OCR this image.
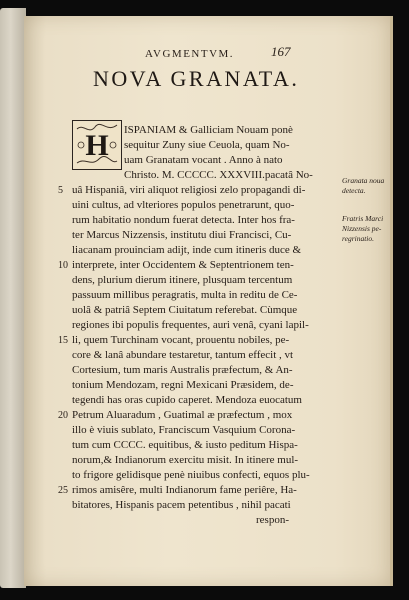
AVGMENTVM.	167
NOVA GRANATA.
H ISPANIAM & Galliciam Nouam ponè
sequitur Zuny siue Ceuola, quam No-
uam Granatam vocant . Anno à nato
Christo. M. CCCCC. XXXVIII.pacatâ No-
uâ Hispaniâ, viri aliquot religiosi zelo propagandi di-
uini cultus, ad vlteriores populos penetrarunt, quo-
rum habitatio nondum fuerat detecta. Inter hos fra-
ter Marcus Nizzensis, institutu diui Francisci, Cu-
liacanam prouinciam adijt, inde cum itineris duce &
interprete, inter Occidentem & Septentrionem ten-
dens, plurium dierum itinere, plusquam tercentum
passuum millibus peragratis, multa in reditu de Ce-
uolâ & patriâ Septem Ciuitatum referebat. Cùmque
regiones ibi populis frequentes, auri venâ, cyani lapil-
li, quem Turchinam vocant, prouentu nobiles, pe-
core & lanâ abundare testaretur, tantum effecit , vt
Cortesium, tum maris Australis præfectum, & An-
tonium Mendozam, regni Mexicani Præsidem, de-
tegendi has oras cupido caperet. Mendoza euocatum
Petrum Aluaradum , Guatimal æ præfectum , mox
illo è viuis sublato, Franciscum Vasquium Corona-
tum cum CCCC. equitibus, & iusto peditum Hispa-
norum,& Indianorum exercitu misit. In itinere mul-
to frigore gelidisque penè niuibus confecti, equos plu-
rimos amisêre, multi Indianorum fame periêre, Ha-
bitatores, Hispanis pacem petentibus , nihil pacati
respon-
5
10
15
20
25
Granata noua
detecta.
Fratris Marci
Nizzensis pe-
regrinatio.
